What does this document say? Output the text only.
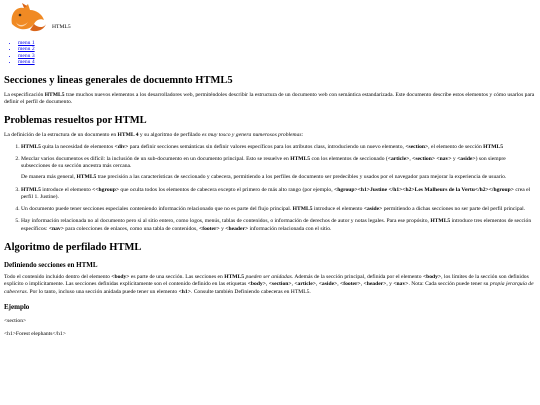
HTML5
• menu 1
• menu 2
• menu 3
• menu 4
Secciones y lineas generales de docuemnto HTML5

La especificación HTML5 trae muchos nuevos elementos a los desarrolladores web, permiténdoles describir la estructura de un documento web con semántica estandarizada. Este documento describe estos elementos y cómo usarlos para definir el perfil de documento.

Problemas resueltos por HTML

La definición de la estructura de un documento en HTML 4 y su algoritmo de perfilado es muy tosco y genera numerosos problemas:

1. HTML5 quita la necesidad de elementos <div> para definir secciones semánticas sin definir valores específicos para los atributos class, introduciendo un nuevo elemento, <section>, el elemento de sección HTML5
2. Mezclar varios documentos es difícil: la inclusión de un sub-documento en un documento principal. Esto se resuelve en HTML5 con los elementos de seccionado (<article>, <section> <nav> y <aside>) son siempre subsecciones de su sección ancestra más cercana.

De manera más general, HTML5 trae precisión a las características de seccionado y cabecera, permitiendo a los perfiles de documento ser predecibles y usados por el navegador para mejorar la experiencia de usuario.

3. HTML5 introduce el elemento <<hgroup> que oculta todos los elementos de cabecera excepto el primero de más alto rango (por ejemplo, <hgroup><h1>Justine </h1><h2>Les Malheurs de la Vertu</h2></hgroup> crea el perfil 1. Justine).
4. Un documento puede tener secciones especiales conteniendo información relacionado que no es parte del flujo principal. HTML5 introduce el elemento <aside> permitiendo a dichas secciones no ser parte del perfil principal.
5. Hay información relacionada no al documento pero si al sitio entero, como logos, menús, tablas de contenidos, o información de derechos de autor y notas legales. Para ese propósito, HTML5 introduce tres elementos de sección específicos: <nav> para colecciones de enlaces, como una tabla de contenidos, <footer> y <header> información relacionada con el sitio.
Algoritmo de perfilado HTML
Definiendo secciones en HTML

Todo el contenido incluido dentro del elemento <body> es parte de una sección. Las secciones en HTML5 pueden ser anidadas. Además de la sección principal, definida por el elemento <body>, los límites de la sección son definidos explícito o implícitamente. Las secciones definidas explícitamente son el contenido definido en las etiquetas <body>, <section>, <article>, <aside>, <footer>, <header>, y <nav>. Nota: Cada sección puede tener su propia jerarquía de cabeceras. Por lo tanto, incluso una sección anidada puede tener un elemento <h1>. Consulte también Definiendo cabeceras en HTML5.

Ejemplo
<section>
<h1>Forest elephants</h1>
